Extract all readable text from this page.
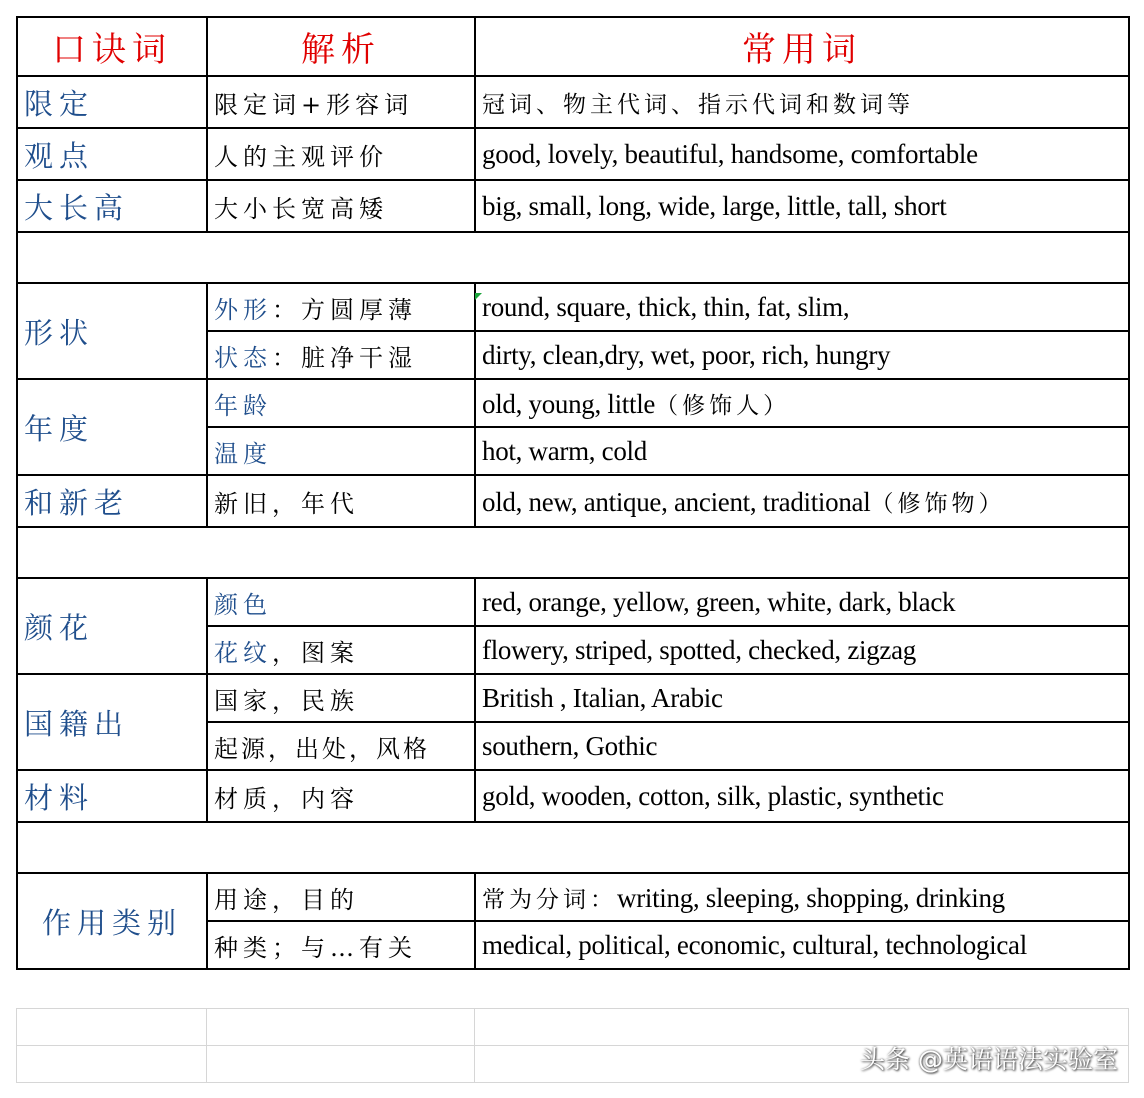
口诀词	解析	常用词
限定	限定词+形容词	冠词、物主代词、指示代词和数词等
观点	人的主观评价	good, lovely, beautiful, handsome, comfortable
大长高	大小长宽高矮	big, small, long, wide, large, little, tall, short

形状	外形：方圆厚薄	round, square, thick, thin, fat, slim,
	状态：脏净干湿	dirty, clean,dry, wet, poor, rich, hungry
年度	年龄	old, young, little（修饰人）
	温度	hot, warm, cold
和新老	新旧，年代	old, new, antique, ancient, traditional（修饰物）

颜花	颜色	red, orange, yellow, green, white, dark, black
	花纹，图案	flowery, striped, spotted, checked, zigzag
国籍出	国家，民族	British , Italian, Arabic
	起源，出处，风格	southern, Gothic
材料	材质，内容	gold, wooden, cotton, silk, plastic, synthetic

作用类别	用途，目的	常为分词：writing, sleeping, shopping, drinking
	种类；与…有关	medical, political, economic, cultural, technological

头条 @英语语法实验室
